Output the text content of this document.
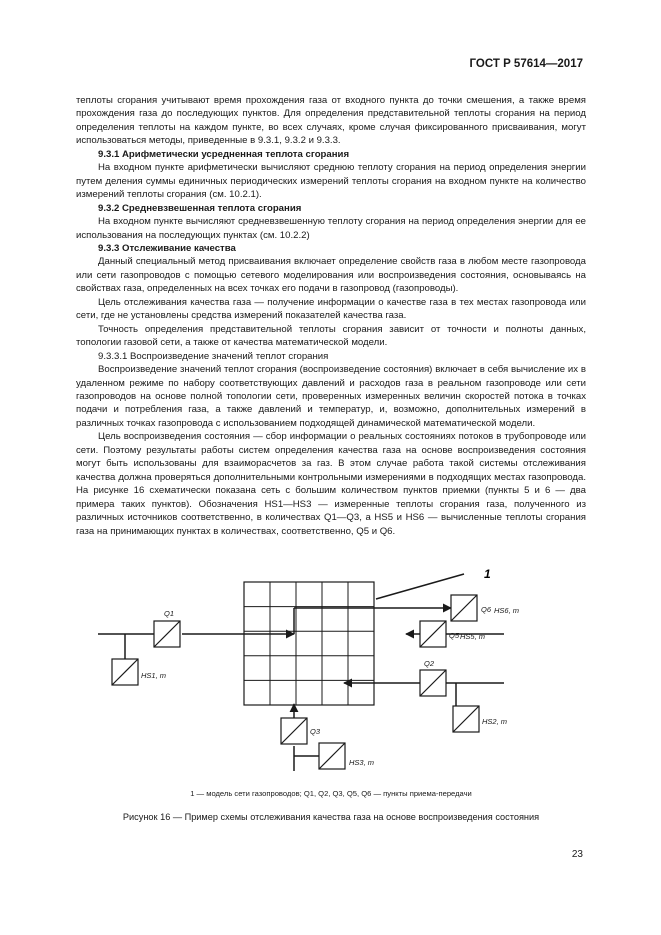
ГОСТ Р 57614—2017

теплоты сгорания учитывают время прохождения газа от входного пункта до точки смешения, а также время прохождения газа до последующих пунктов. Для определения представительной теплоты сгорания на период определения теплоты на каждом пункте, во всех случаях, кроме случая фиксированного присваивания, могут использоваться методы, приведенные в 9.3.1, 9.3.2 и 9.3.3.

9.3.1 Арифметически усредненная теплота сгорания

На входном пункте арифметически вычисляют среднюю теплоту сгорания на период определения энергии путем деления суммы единичных периодических измерений теплоты сгорания на входном пункте на количество измерений теплоты сгорания (см. 10.2.1).

9.3.2 Средневзвешенная теплота сгорания

На входном пункте вычисляют средневзвешенную теплоту сгорания на период определения энергии для ее использования на последующих пунктах (см. 10.2.2)

9.3.3 Отслеживание качества

Данный специальный метод присваивания включает определение свойств газа в любом месте газопровода или сети газопроводов с помощью сетевого моделирования или воспроизведения состояния, основываясь на свойствах газа, определенных на всех точках его подачи в газопровод (газопроводы).

Цель отслеживания качества газа — получение информации о качестве газа в тех местах газопровода или сети, где не установлены средства измерений показателей качества газа.

Точность определения представительной теплоты сгорания зависит от точности и полноты данных, топологии газовой сети, а также от качества математической модели.

9.3.3.1 Воспроизведение значений теплот сгорания

Воспроизведение значений теплот сгорания (воспроизведение состояния) включает в себя вычисление их в удаленном режиме по набору соответствующих давлений и расходов газа в реальном газопроводе или сети газопроводов на основе полной топологии сети, проверенных измеренных величин скоростей потока в точках подачи и потребления газа, а также давлений и температур, и, возможно, дополнительных измерений в различных точках газопровода с использованием подходящей динамической математической модели.

Цель воспроизведения состояния — сбор информации о реальных состояниях потоков в трубопроводе или сети. Поэтому результаты работы систем определения качества газа на основе воспроизведения состояния могут быть использованы для взаиморасчетов за газ. В этом случае работа такой системы отслеживания качества должна проверяться дополнительными контрольными измерениями в подходящих местах газопровода. На рисунке 16 схематически показана сеть с большим количеством пунктов приемки (пункты 5 и 6 — два примера таких пунктов). Обозначения HS1—HS3 — измеренные теплоты сгорания газа, полученного из различных источников соответственно, в количествах Q1—Q3, а HS5 и HS6 — вычисленные теплоты сгорания газа на принимающих пунктах в количествах, соответственно, Q5 и Q6.

1
Q1
HS1, m
Q6 HS6, m
Q5 HS5, m
Q2
HS2, m
Q3
HS3, m
1 — модель сети газопроводов; Q1, Q2, Q3, Q5, Q6 — пункты приема-передачи
Рисунок 16 — Пример схемы отслеживания качества газа на основе воспроизведения состояния
23
